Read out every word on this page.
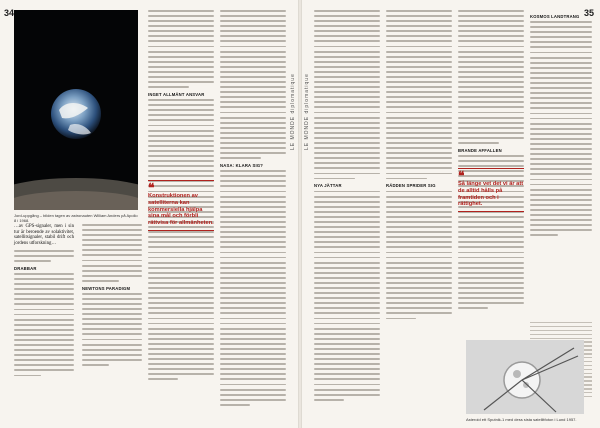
34
LE MONDE diplomatique
Jord-uppgång – bilden tagen av astronauten William Anders på Apollo 8 i 1968.
…av GPS-signaler, men i sin tur är beroende av solaktivitet, satellitsignaler, stabil drift och jordens utforskning…
DRABBAR
NEWTONS PARADIGM
INGET ALLMÄNT ANSVAR
NASA: KLARA SIG?
❝
Konstruktionen av satelliterna kan kommersiella hjälpa sina mål och förbli rättvisa för allmänheten.
35
LE MONDE diplomatique
NYA JÄTTAR	RÄDDEN SPRIDER SIG
BRANDE AFFALLEN
KOSMOS LANDTRANG
❝
Så länge vet det vi är att de alltid hålls på framtiden och i rättighet.
Asteroid ett Sputnik-1 med dess sista satellitfoton i Lund 1957.
